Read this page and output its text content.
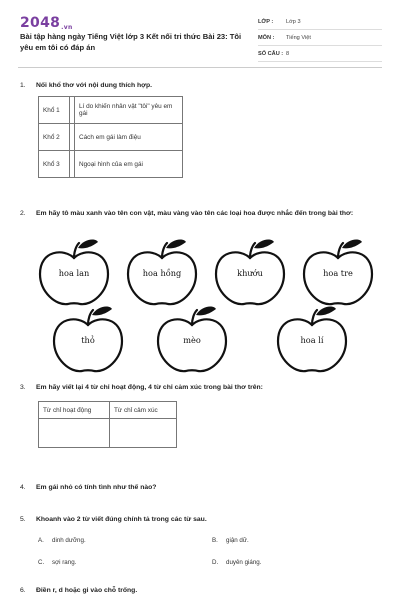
2048.vn
Bài tập hàng ngày Tiếng Việt lớp 3 Kết nối tri thức Bài 23: Tôi yêu em tôi có đáp án
LỚP :	Lớp 3
MÔN :	Tiếng Việt
SỐ CÂU : 8
1. Nối khổ thơ với nội dung thích hợp.
Khổ 1		Lí do khiến nhân vật "tôi" yêu em gái
Khổ 2		Cách em gái làm điệu
Khổ 3		Ngoại hình của em gái
2. Em hãy tô màu xanh vào tên con vật, màu vàng vào tên các loại hoa được nhắc đến trong bài thơ:
hoa lan	hoa hồng	khướu	hoa tre
thỏ	mèo	hoa lí
3. Em hãy viết lại 4 từ chỉ hoạt động, 4 từ chỉ cảm xúc trong bài thơ trên:
Từ chỉ hoạt động	Từ chỉ cảm xúc

4. Em gái nhỏ có tính tình như thế nào?
5. Khoanh vào 2 từ viết đúng chính tả trong các từ sau.
A. dinh dưỡng.	B. giận dữ.
C. sợi rang.	D. duyên giáng.
6. Điền r, d hoặc gi vào chỗ trống.
